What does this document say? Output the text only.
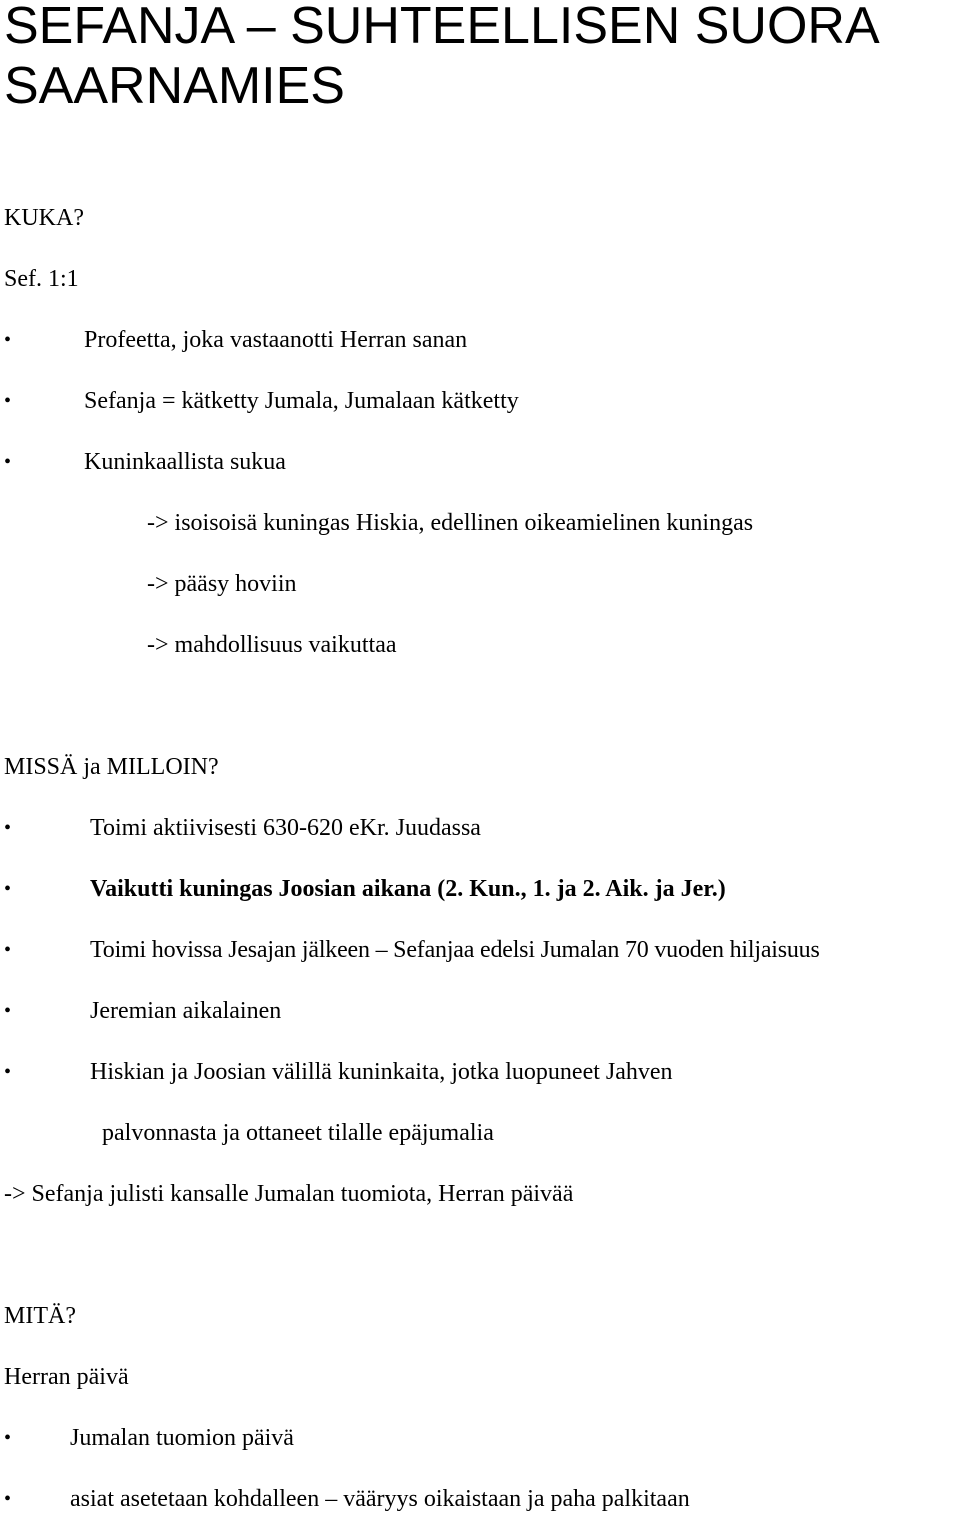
SEFANJA – SUHTEELLISEN SUORA
SAARNAMIES
KUKA?
Sef. 1:1
•	Profeetta, joka vastaanotti Herran sanan
•	Sefanja = kätketty Jumala, Jumalaan kätketty
•	Kuninkaallista sukua
-> isoisoisä kuningas Hiskia, edellinen oikeamielinen kuningas
-> pääsy hoviin
-> mahdollisuus vaikuttaa
MISSÄ ja MILLOIN?
•	Toimi aktiivisesti 630-620 eKr. Juudassa
•	Vaikutti kuningas Joosian aikana (2. Kun., 1. ja 2. Aik. ja Jer.)
•	Toimi hovissa Jesajan jälkeen – Sefanjaa edelsi Jumalan 70 vuoden hiljaisuus
•	Jeremian aikalainen
•	Hiskian ja Joosian välillä kuninkaita, jotka luopuneet Jahven
palvonnasta ja ottaneet tilalle epäjumalia
-> Sefanja julisti kansalle Jumalan tuomiota, Herran päivää
MITÄ?
Herran päivä
• Jumalan tuomion päivä
• asiat asetetaan kohdalleen – vääryys oikaistaan ja paha palkitaan
